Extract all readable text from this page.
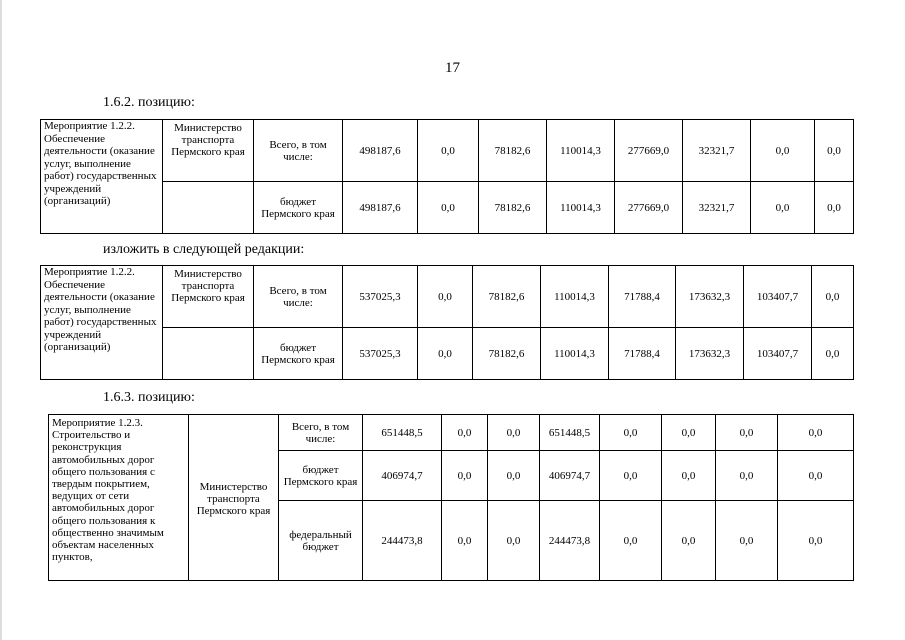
17
1.6.2. позицию:
Мероприятие 1.2.2. Обеспечение деятельности (оказание услуг, выполнение работ) государственных учреждений (организаций)	Министерство транспорта Пермского края	Всего, в том числе:	498187,6	0,0	78182,6	110014,3	277669,0	32321,7	0,0	0,0
		бюджет Пермского края	498187,6	0,0	78182,6	110014,3	277669,0	32321,7	0,0	0,0
изложить в следующей редакции:
Мероприятие 1.2.2. Обеспечение деятельности (оказание услуг, выполнение работ) государственных учреждений (организаций)	Министерство транспорта Пермского края	Всего, в том числе:	537025,3	0,0	78182,6	110014,3	71788,4	173632,3	103407,7	0,0
		бюджет Пермского края	537025,3	0,0	78182,6	110014,3	71788,4	173632,3	103407,7	0,0
1.6.3. позицию:
Мероприятие 1.2.3. Строительство и реконструкция автомобильных дорог общего пользования с твердым покрытием, ведущих от сети автомобильных дорог общего пользования к общественно значимым объектам населенных пунктов,	Министерство транспорта Пермского края	Всего, в том числе:	651448,5	0,0	0,0	651448,5	0,0	0,0	0,0	0,0
		бюджет Пермского края	406974,7	0,0	0,0	406974,7	0,0	0,0	0,0	0,0
		федеральный бюджет	244473,8	0,0	0,0	244473,8	0,0	0,0	0,0	0,0
